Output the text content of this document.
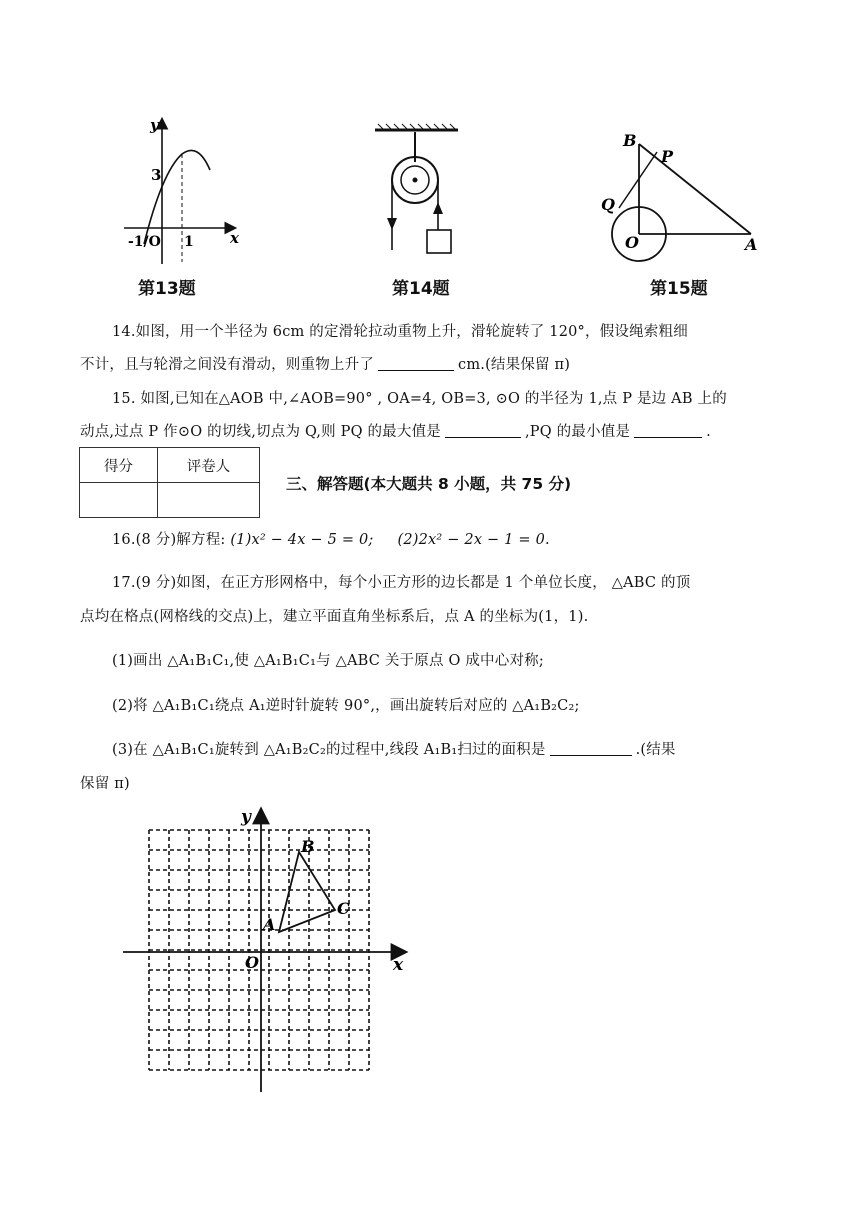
y
x
3
-1/O 1
第13题	第14题
B
P
Q
O	A
第15题
14.如图，用一个半径为 6cm 的定滑轮拉动重物上升，滑轮旋转了 120°，假设绳索粗细
不计，且与轮滑之间没有滑动，则重物上升了	cm.(结果保留 π)
15. 如图,已知在△AOB 中,∠AOB=90° , OA=4, OB=3, ⊙O 的半径为 1,点 P 是边 AB 上的
动点,过点 P 作⊙O 的切线,切点为 Q,则 PQ 的最大值是	,PQ 的最小值是	.
得分	评卷人

三、解答题(本大题共 8 小题，共 75 分)
16.(8 分)解方程: (1)x² − 4x − 5 = 0; (2)2x² − 2x − 1 = 0.
17.(9 分)如图，在正方形网格中，每个小正方形的边长都是 1 个单位长度， △ABC 的顶
点均在格点(网格线的交点)上，建立平面直角坐标系后，点 A 的坐标为(1，1).
(1)画出 △A₁B₁C₁,使 △A₁B₁C₁与 △ABC 关于原点 O 成中心对称;
(2)将 △A₁B₁C₁绕点 A₁逆时针旋转 90°,，画出旋转后对应的 △A₁B₂C₂;
(3)在 △A₁B₁C₁旋转到 △A₁B₂C₂的过程中,线段 A₁B₁扫过的面积是	.(结果
保留 π)
y
x
O
A
B
C
